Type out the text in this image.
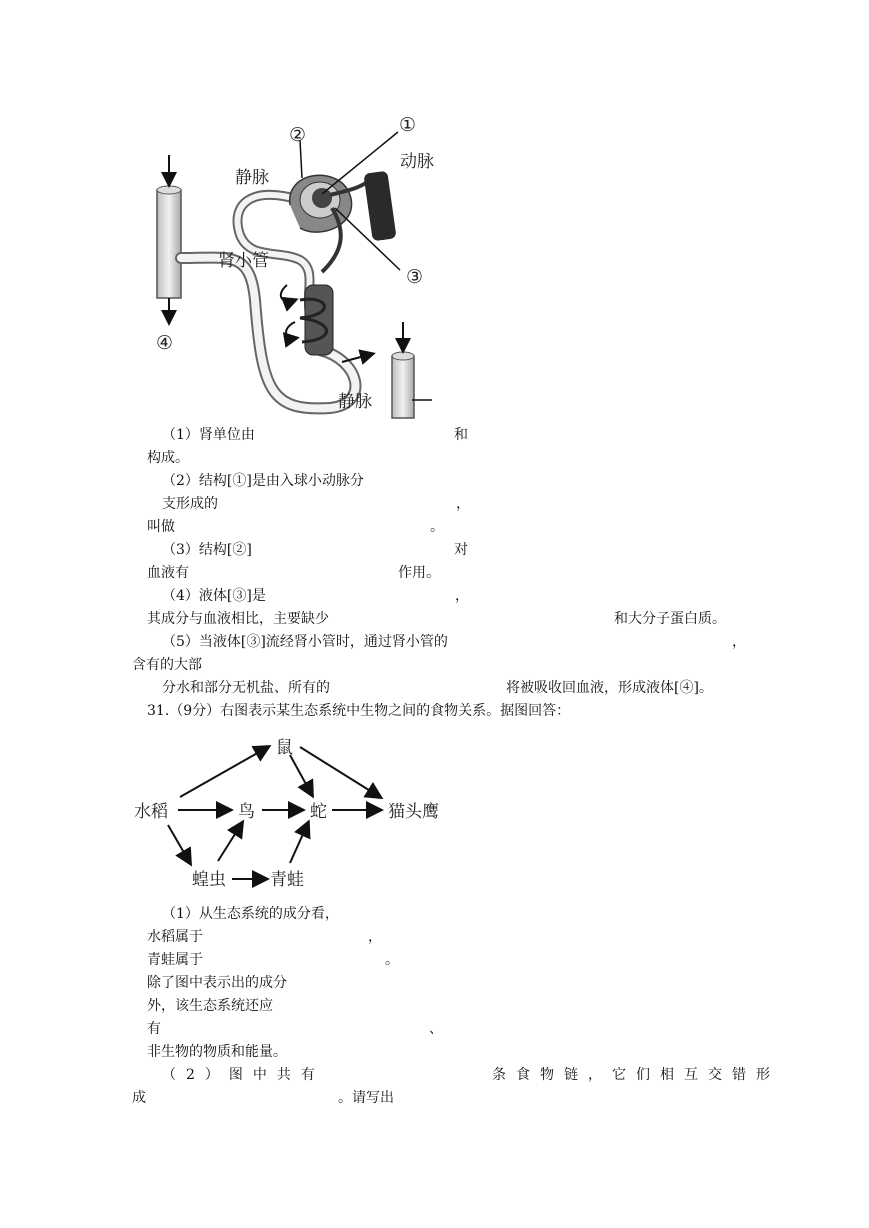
①
②
③
④
动脉
静脉
肾小管
静脉
（1）肾单位由	和
构成。
（2）结构[①]是由入球小动脉分
支形成的	，
叫做	。
（3）结构[②]	对
血液有	作用。
（4）液体[③]是	，
其成分与血液相比，主要缺少	和大分子蛋白质。
（5）当液体[③]流经肾小管时，通过肾小管的	，
含有的大部
分水和部分无机盐、所有的	将被吸收回血液，形成液体[④]。
31.（9分）右图表示某生态系统中生物之间的食物关系。据图回答：
鼠
水稻	鸟	蛇	猫头鹰
蝗虫	青蛙
（1）从生态系统的成分看，
水稻属于	，
青蛙属于	。
除了图中表示出的成分
外，该生态系统还应
有	、
非生物的物质和能量。
（2）图中共有	条食物链，它们相互交错形
成	。请写出
